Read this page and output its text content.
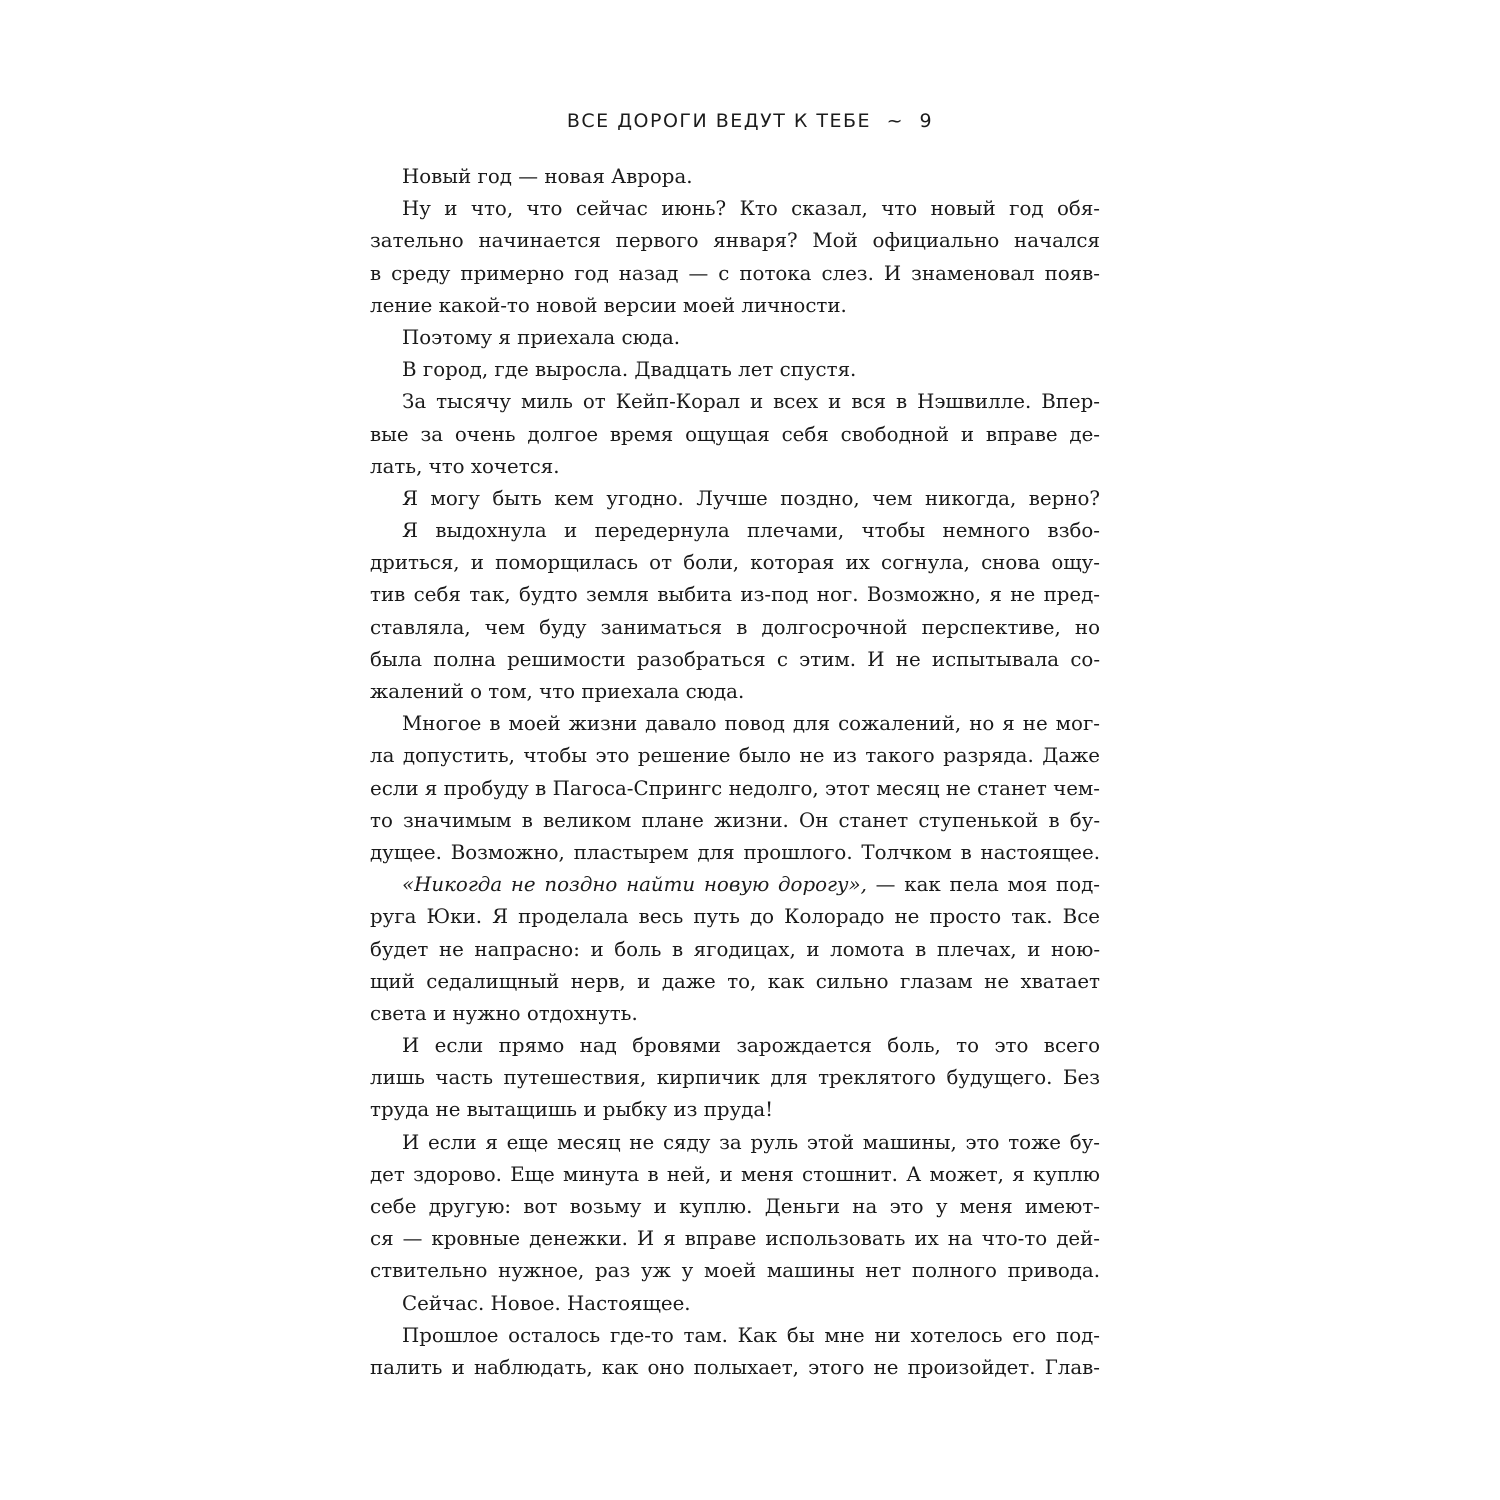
ВСЕ ДОРОГИ ВЕДУТ К ТЕБЕ ~ 9
Новый год — новая Аврора.
Ну и что, что сейчас июнь? Кто сказал, что новый год обя-
зательно начинается первого января? Мой официально начался
в среду примерно год назад — с потока слез. И знаменовал появ-
ление какой-то новой версии моей личности.
Поэтому я приехала сюда.
В город, где выросла. Двадцать лет спустя.
За тысячу миль от Кейп-Корал и всех и вся в Нэшвилле. Впер-
вые за очень долгое время ощущая себя свободной и вправе де-
лать, что хочется.
Я могу быть кем угодно. Лучше поздно, чем никогда, верно?
Я выдохнула и передернула плечами, чтобы немного взбо-
дриться, и поморщилась от боли, которая их согнула, снова ощу-
тив себя так, будто земля выбита из-под ног. Возможно, я не пред-
ставляла, чем буду заниматься в долгосрочной перспективе, но
была полна решимости разобраться с этим. И не испытывала со-
жалений о том, что приехала сюда.
Многое в моей жизни давало повод для сожалений, но я не мог-
ла допустить, чтобы это решение было не из такого разряда. Даже
если я пробуду в Пагоса-Спрингс недолго, этот месяц не станет чем-
то значимым в великом плане жизни. Он станет ступенькой в бу-
дущее. Возможно, пластырем для прошлого. Толчком в настоящее.
«Никогда не поздно найти новую дорогу», — как пела моя под-
руга Юки. Я проделала весь путь до Колорадо не просто так. Все
будет не напрасно: и боль в ягодицах, и ломота в плечах, и ною-
щий седалищный нерв, и даже то, как сильно глазам не хватает
света и нужно отдохнуть.
И если прямо над бровями зарождается боль, то это всего
лишь часть путешествия, кирпичик для треклятого будущего. Без
труда не вытащишь и рыбку из пруда!
И если я еще месяц не сяду за руль этой машины, это тоже бу-
дет здорово. Еще минута в ней, и меня стошнит. А может, я куплю
себе другую: вот возьму и куплю. Деньги на это у меня имеют-
ся — кровные денежки. И я вправе использовать их на что-то дей-
ствительно нужное, раз уж у моей машины нет полного привода.
Сейчас. Новое. Настоящее.
Прошлое осталось где-то там. Как бы мне ни хотелось его под-
палить и наблюдать, как оно полыхает, этого не произойдет. Глав-
